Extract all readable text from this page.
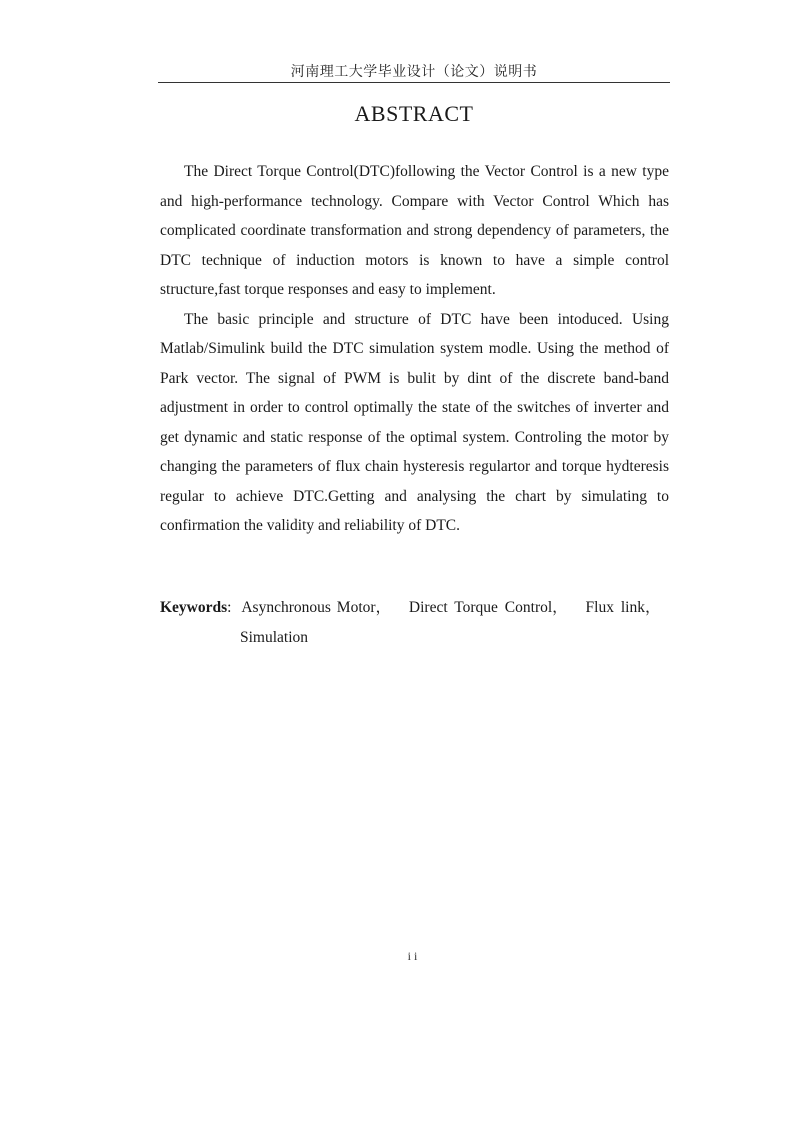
河南理工大学毕业设计（论文）说明书
ABSTRACT

The Direct Torque Control(DTC)following the Vector Control is a new type and high-performance technology. Compare with Vector Control Which has complicated coordinate transformation and strong dependency of parameters, the DTC technique of induction motors is known to have a simple control structure,fast torque responses and easy to implement.

The basic principle and structure of DTC have been intoduced. Using Matlab/Simulink build the DTC simulation system modle. Using the method of Park vector. The signal of PWM is bulit by dint of the discrete band-band adjustment in order to control optimally the state of the switches of inverter and get dynamic and static response of the optimal system. Controling the motor by changing the parameters of flux chain hysteresis regulartor and torque hydteresis regular to achieve DTC.Getting and analysing the chart by simulating to confirmation the validity and reliability of DTC.

Keywords: Asynchronous Motor， Direct Torque Control， Flux link，
Simulation
ii
